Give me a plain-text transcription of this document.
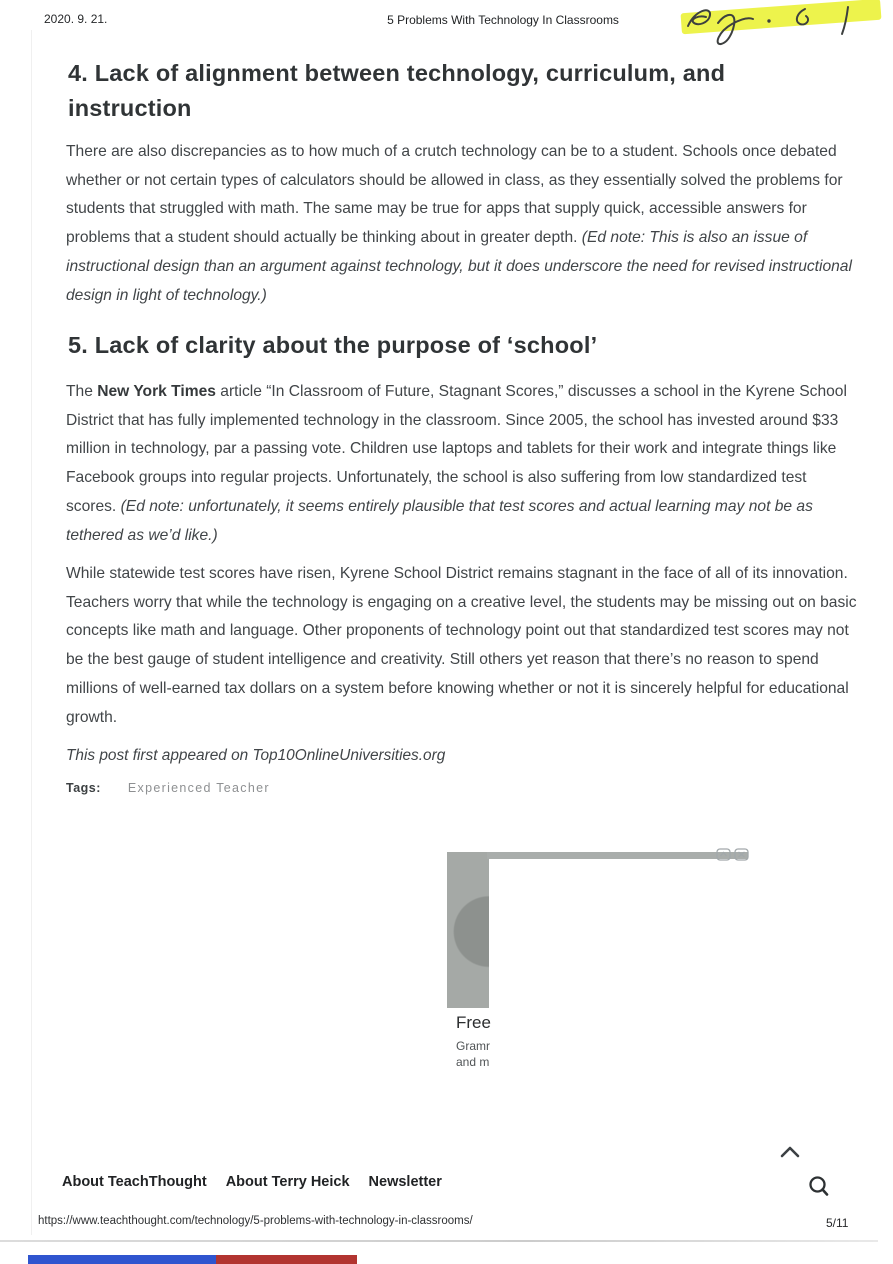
2020. 9. 21.	5 Problems With Technology In Classrooms
4. Lack of alignment between technology, curriculum, and instruction

There are also discrepancies as to how much of a crutch technology can be to a student. Schools once debated whether or not certain types of calculators should be allowed in class, as they essentially solved the problems for students that struggled with math. The same may be true for apps that supply quick, accessible answers for problems that a student should actually be thinking about in greater depth. (Ed note: This is also an issue of instructional design than an argument against technology, but it does underscore the need for revised instructional design in light of technology.)

5. Lack of clarity about the purpose of ‘school’

The New York Times article “In Classroom of Future, Stagnant Scores,” discusses a school in the Kyrene School District that has fully implemented technology in the classroom. Since 2005, the school has invested around $33 million in technology, par a passing vote. Children use laptops and tablets for their work and integrate things like Facebook groups into regular projects. Unfortunately, the school is also suffering from low standardized test scores. (Ed note: unfortunately, it seems entirely plausible that test scores and actual learning may not be as tethered as we’d like.)

While statewide test scores have risen, Kyrene School District remains stagnant in the face of all of its innovation. Teachers worry that while the technology is engaging on a creative level, the students may be missing out on basic concepts like math and language. Other proponents of technology point out that standardized test scores may not be the best gauge of student intelligence and creativity. Still others yet reason that there’s no reason to spend millions of well-earned tax dollars on a system before knowing whether or not it is sincerely helpful for educational growth.

This post first appeared on Top10OnlineUniversities.org

Tags: Experienced Teacher
Free
Gramr
and m
About TeachThought About Terry Heick Newsletter
https://www.teachthought.com/technology/5-problems-with-technology-in-classrooms/	5/11
